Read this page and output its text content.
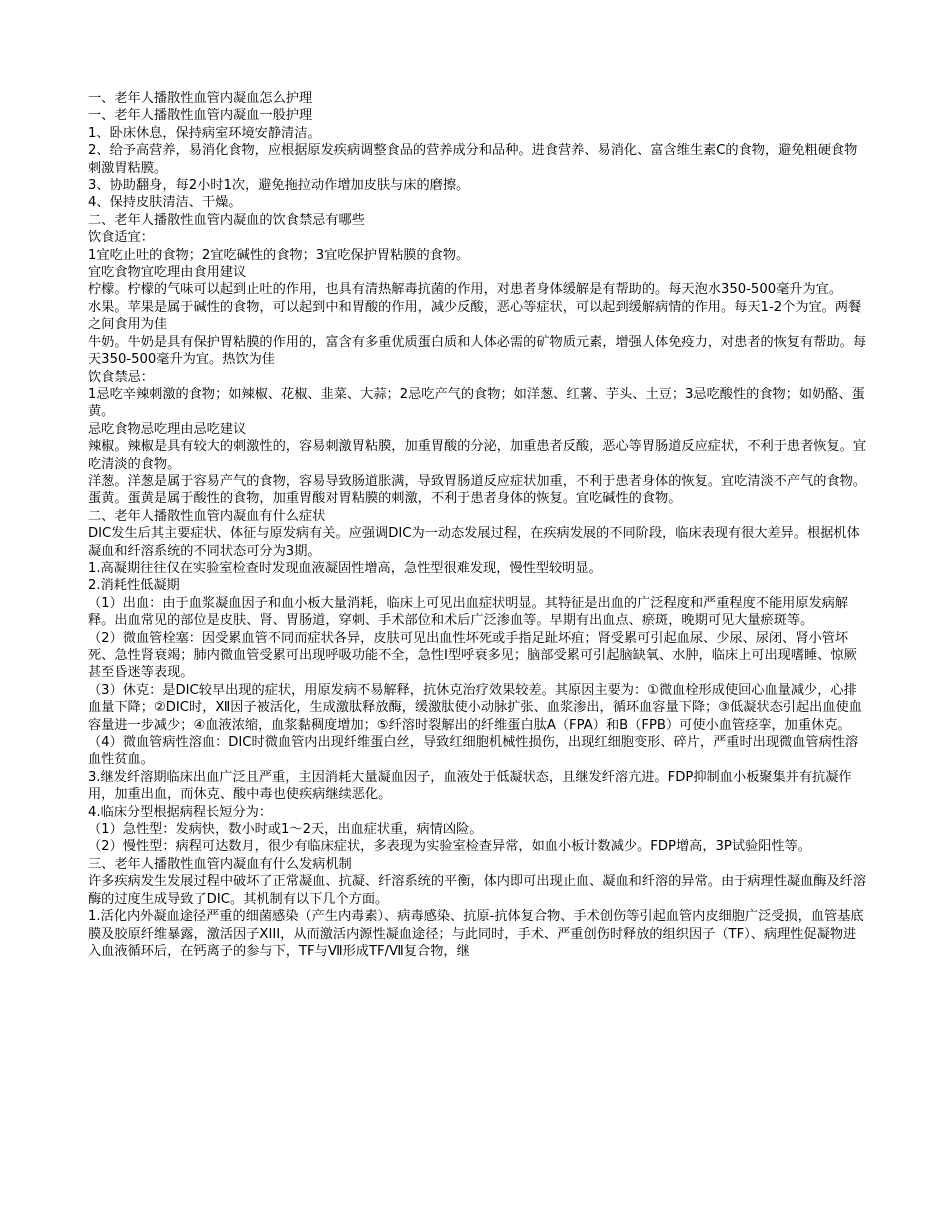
一、老年人播散性血管内凝血怎么护理
一、老年人播散性血管内凝血一般护理
1、卧床休息，保持病室环境安静清洁。
2、给予高营养，易消化食物，应根据原发疾病调整食品的营养成分和品种。进食营养、易消化、富含维生素C的食物，避免粗硬食物刺激胃粘膜。
3、协助翻身，每2小时1次，避免拖拉动作增加皮肤与床的磨擦。
4、保持皮肤清洁、干燥。
二、老年人播散性血管内凝血的饮食禁忌有哪些
饮食适宜：
1宜吃止吐的食物；2宜吃碱性的食物；3宜吃保护胃粘膜的食物。
宜吃食物宜吃理由食用建议
柠檬。柠檬的气味可以起到止吐的作用，也具有清热解毒抗菌的作用，对患者身体缓解是有帮助的。每天泡水350-500毫升为宜。
水果。苹果是属于碱性的食物，可以起到中和胃酸的作用，减少反酸，恶心等症状，可以起到缓解病情的作用。每天1-2个为宜。两餐之间食用为佳
牛奶。牛奶是具有保护胃粘膜的作用的，富含有多重优质蛋白质和人体必需的矿物质元素，增强人体免疫力，对患者的恢复有帮助。每天350-500毫升为宜。热饮为佳
饮食禁忌：
1忌吃辛辣刺激的食物；如辣椒、花椒、韭菜、大蒜；2忌吃产气的食物；如洋葱、红薯、芋头、土豆；3忌吃酸性的食物；如奶酪、蛋黄。
忌吃食物忌吃理由忌吃建议
辣椒。辣椒是具有较大的刺激性的，容易刺激胃粘膜，加重胃酸的分泌，加重患者反酸，恶心等胃肠道反应症状，不利于患者恢复。宜吃清淡的食物。
洋葱。洋葱是属于容易产气的食物，容易导致肠道胀满，导致胃肠道反应症状加重，不利于患者身体的恢复。宜吃清淡不产气的食物。
蛋黄。蛋黄是属于酸性的食物，加重胃酸对胃粘膜的刺激，不利于患者身体的恢复。宜吃碱性的食物。
二、老年人播散性血管内凝血有什么症状
DIC发生后其主要症状、体征与原发病有关。应强调DIC为一动态发展过程，在疾病发展的不同阶段，临床表现有很大差异。根据机体凝血和纤溶系统的不同状态可分为3期。
1.高凝期往往仅在实验室检查时发现血液凝固性增高，急性型很难发现，慢性型较明显。
2.消耗性低凝期
（1）出血：由于血浆凝血因子和血小板大量消耗，临床上可见出血症状明显。其特征是出血的广泛程度和严重程度不能用原发病解释。出血常见的部位是皮肤、肾、胃肠道，穿刺、手术部位和术后广泛渗血等。早期有出血点、瘀斑，晚期可见大量瘀斑等。
（2）微血管栓塞：因受累血管不同而症状各异，皮肤可见出血性坏死或手指足趾坏疽；肾受累可引起血尿、少尿、尿闭、肾小管坏死、急性肾衰竭；肺内微血管受累可出现呼吸功能不全，急性Ⅰ型呼衰多见；脑部受累可引起脑缺氧、水肿，临床上可出现嗜睡、惊厥甚至昏迷等表现。
（3）休克：是DIC较早出现的症状，用原发病不易解释，抗休克治疗效果较差。其原因主要为：①微血栓形成使回心血量减少，心排血量下降；②DIC时，Ⅻ因子被活化，生成激肽释放酶，缓激肽使小动脉扩张、血浆渗出，循环血容量下降；③低凝状态引起出血使血容量进一步减少；④血液浓缩，血浆黏稠度增加；⑤纤溶时裂解出的纤维蛋白肽A（FPA）和B（FPB）可使小血管痉挛，加重休克。
（4）微血管病性溶血：DIC时微血管内出现纤维蛋白丝，导致红细胞机械性损伤，出现红细胞变形、碎片，严重时出现微血管病性溶血性贫血。
3.继发纤溶期临床出血广泛且严重，主因消耗大量凝血因子，血液处于低凝状态，且继发纤溶亢进。FDP抑制血小板聚集并有抗凝作用，加重出血，而休克、酸中毒也使疾病继续恶化。
4.临床分型根据病程长短分为：
（1）急性型：发病快，数小时或1～2天，出血症状重，病情凶险。
（2）慢性型：病程可达数月，很少有临床症状，多表现为实验室检查异常，如血小板计数减少。FDP增高，3P试验阳性等。
三、老年人播散性血管内凝血有什么发病机制
许多疾病发生发展过程中破坏了正常凝血、抗凝、纤溶系统的平衡，体内即可出现止血、凝血和纤溶的异常。由于病理性凝血酶及纤溶酶的过度生成导致了DIC。其机制有以下几个方面。
1.活化内外凝血途径严重的细菌感染（产生内毒素）、病毒感染、抗原-抗体复合物、手术创伤等引起血管内皮细胞广泛受损，血管基底膜及胶原纤维暴露，激活因子XIII，从而激活内源性凝血途径；与此同时，手术、严重创伤时释放的组织因子（TF）、病理性促凝物进入血液循环后，在钙离子的参与下，TF与Ⅶ形成TF/Ⅶ复合物，继
